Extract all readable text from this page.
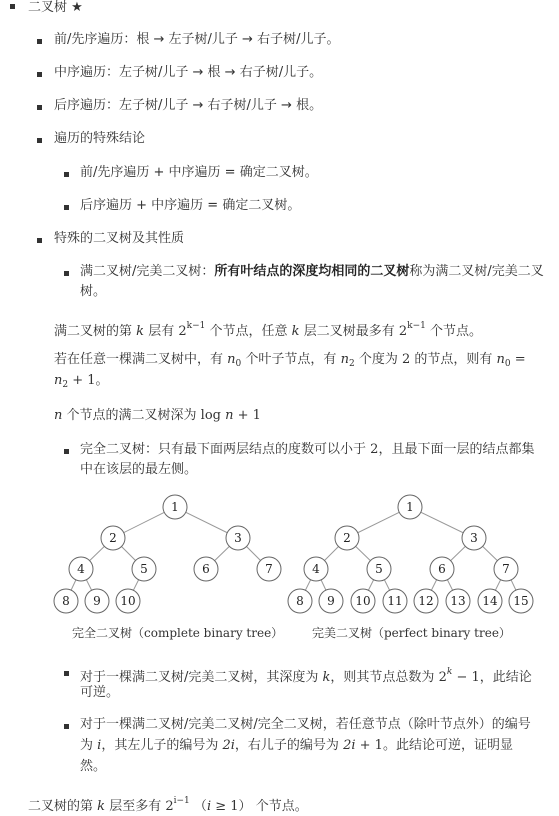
二叉树 ★
前/先序遍历：根 → 左子树/儿子 → 右子树/儿子。
中序遍历：左子树/儿子 → 根 → 右子树/儿子。
后序遍历：左子树/儿子 → 右子树/儿子 → 根。
遍历的特殊结论
前/先序遍历 + 中序遍历 = 确定二叉树。
后序遍历 + 中序遍历 = 确定二叉树。
特殊的二叉树及其性质
满二叉树/完美二叉树：所有叶结点的深度均相同的二叉树称为满二叉树/完美二叉
树。
满二叉树的第 k 层有 $2^{k-1}$ 个节点，任意 k 层二叉树最多有 $2^{k-1}$ 个节点。
若在任意一棵满二叉树中，有 $n_0$ 个叶子节点，有 $n_2$ 个度为 2 的节点，则有 $n_0$ =
$n_2 + 1$。
n 个节点的满二叉树深为 log n + 1
完全二叉树：只有最下面两层结点的度数可以小于 2，且最下面一层的结点都集
中在该层的最左侧。
1
2	3
4	5	6	7
8 9 10
1
2	3
4	5	6	7
8 9 10 11 12 13 14 15
完全二叉树（complete binary tree） 完美二叉树（perfect binary tree）
对于一棵满二叉树/完美二叉树，其深度为 k，则其节点总数为 $2^k - 1$，此结论
可逆。
对于一棵满二叉树/完美二叉树/完全二叉树，若任意节点（除叶节点外）的编号
为 i，其左儿子的编号为 2i，右儿子的编号为 2i + 1。此结论可逆，证明显
然。
二叉树的第 k 层至多有 $2^{i-1}$ （i ≥ 1） 个节点。
